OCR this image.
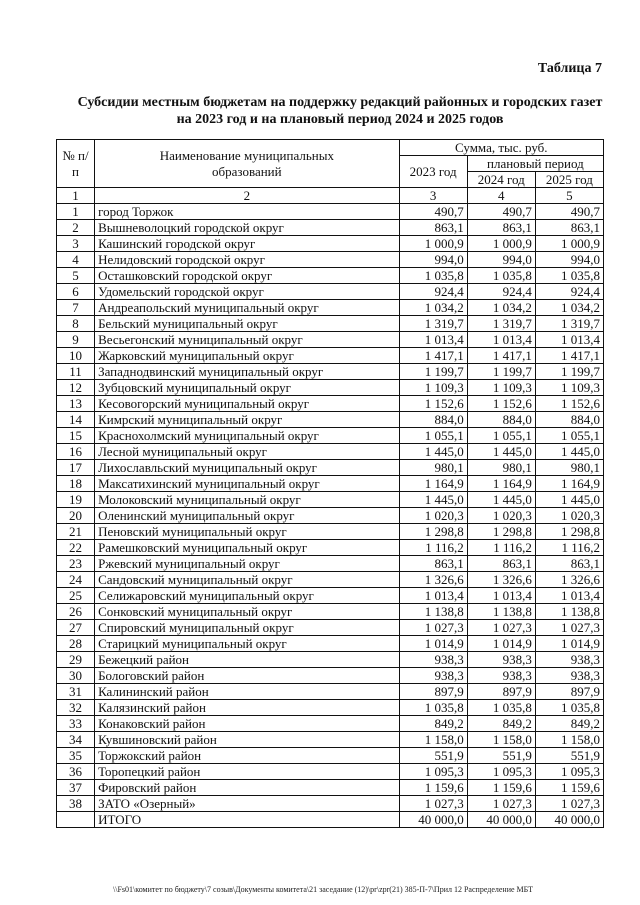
Таблица 7
Субсидии местным бюджетам на поддержку редакций районных и городских газет
на 2023 год и на плановый период 2024 и 2025 годов
№ п/п	Наименование муниципальных образований	Сумма, тыс. руб.		
		2023 год	плановый период	
			2024 год	2025 год
1	2	3	4	5
1	город Торжок	490,7	490,7	490,7
2	Вышневолоцкий городской округ	863,1	863,1	863,1
3	Кашинский городской округ	1 000,9	1 000,9	1 000,9
4	Нелидовский городской округ	994,0	994,0	994,0
5	Осташковский городской округ	1 035,8	1 035,8	1 035,8
6	Удомельский городской округ	924,4	924,4	924,4
7	Андреапольский муниципальный округ	1 034,2	1 034,2	1 034,2
8	Бельский муниципальный округ	1 319,7	1 319,7	1 319,7
9	Весьегонский муниципальный округ	1 013,4	1 013,4	1 013,4
10	Жарковский муниципальный округ	1 417,1	1 417,1	1 417,1
11	Западнодвинский муниципальный округ	1 199,7	1 199,7	1 199,7
12	Зубцовский муниципальный округ	1 109,3	1 109,3	1 109,3
13	Кесовогорский муниципальный округ	1 152,6	1 152,6	1 152,6
14	Кимрский муниципальный округ	884,0	884,0	884,0
15	Краснохолмский муниципальный округ	1 055,1	1 055,1	1 055,1
16	Лесной муниципальный округ	1 445,0	1 445,0	1 445,0
17	Лихославльский муниципальный округ	980,1	980,1	980,1
18	Максатихинский муниципальный округ	1 164,9	1 164,9	1 164,9
19	Молоковский муниципальный округ	1 445,0	1 445,0	1 445,0
20	Оленинский муниципальный округ	1 020,3	1 020,3	1 020,3
21	Пеновский муниципальный округ	1 298,8	1 298,8	1 298,8
22	Рамешковский муниципальный округ	1 116,2	1 116,2	1 116,2
23	Ржевский муниципальный округ	863,1	863,1	863,1
24	Сандовский муниципальный округ	1 326,6	1 326,6	1 326,6
25	Селижаровский муниципальный округ	1 013,4	1 013,4	1 013,4
26	Сонковский муниципальный округ	1 138,8	1 138,8	1 138,8
27	Спировский муниципальный округ	1 027,3	1 027,3	1 027,3
28	Старицкий муниципальный округ	1 014,9	1 014,9	1 014,9
29	Бежецкий район	938,3	938,3	938,3
30	Бологовский район	938,3	938,3	938,3
31	Калининский район	897,9	897,9	897,9
32	Калязинский район	1 035,8	1 035,8	1 035,8
33	Конаковский район	849,2	849,2	849,2
34	Кувшиновский район	1 158,0	1 158,0	1 158,0
35	Торжокский район	551,9	551,9	551,9
36	Торопецкий район	1 095,3	1 095,3	1 095,3
37	Фировский район	1 159,6	1 159,6	1 159,6
38	ЗАТО «Озерный»	1 027,3	1 027,3	1 027,3
	ИТОГО	40 000,0	40 000,0	40 000,0
\\Fs01\комитет по бюджету\7 созыв\Документы комитета\21 заседание (12)\pr\zpr(21) 385-П-7\Прил 12 Распределение МБТ
